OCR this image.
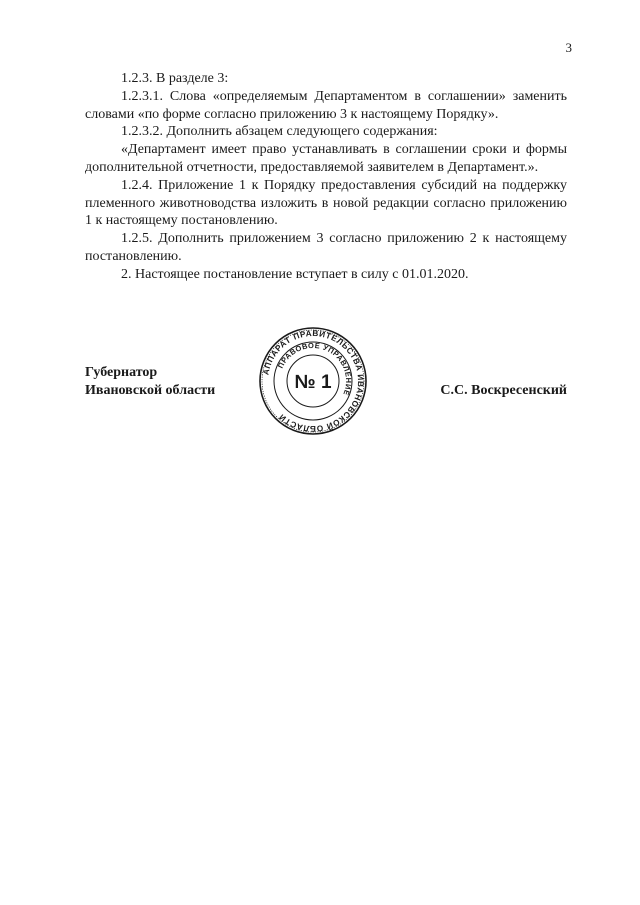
3

1.2.3. В разделе 3:

1.2.3.1. Слова «определяемым Департаментом в соглашении» заменить словами «по форме согласно приложению 3 к настоящему Порядку».

1.2.3.2. Дополнить абзацем следующего содержания:

«Департамент имеет право устанавливать в соглашении сроки и формы дополнительной отчетности, предоставляемой заявителем в Департамент.».

1.2.4. Приложение 1 к Порядку предоставления субсидий на поддержку племенного животноводства изложить в новой редакции согласно приложению 1 к настоящему постановлению.

1.2.5. Дополнить приложением 3 согласно приложению 2 к настоящему постановлению.

2. Настоящее постановление вступает в силу с 01.01.2020.

Губернатор
Ивановской области	С.С. Воскресенский
АППАРАТ ПРАВИТЕЛЬСТВА ИВАНОВСКОЙ ОБЛАСТИ
ПРАВОВОЕ УПРАВЛЕНИЕ
№ 1
